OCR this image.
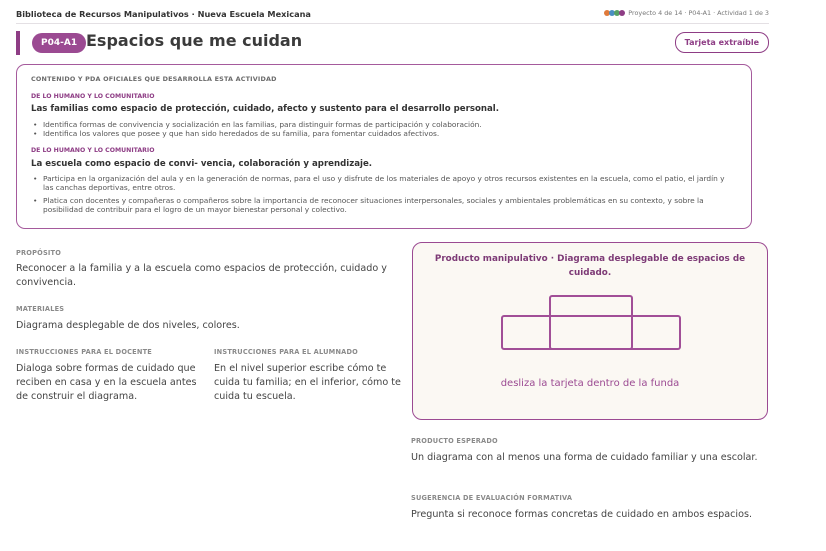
Biblioteca de Recursos Manipulativos · Nueva Escuela Mexicana	Proyecto 4 de 14 · P04-A1 · Actividad 1 de 3
P04-A1 Espacios que me cuidan	Tarjeta extraíble
CONTENIDO Y PDA OFICIALES QUE DESARROLLA ESTA ACTIVIDAD
DE LO HUMANO Y LO COMUNITARIO
Las familias como espacio de protección, cuidado, afecto y sustento para el desarrollo personal.
• Identifica formas de convivencia y socialización en las familias, para distinguir formas de participación y colaboración.
• Identifica los valores que posee y que han sido heredados de su familia, para fomentar cuidados afectivos.
DE LO HUMANO Y LO COMUNITARIO
La escuela como espacio de convi- vencia, colaboración y aprendizaje.
• Participa en la organización del aula y en la generación de normas, para el uso y disfrute de los materiales de apoyo y otros recursos existentes en la escuela, como el patio, el jardín y las canchas deportivas, entre otros.
• Platica con docentes y compañeras o compañeros sobre la importancia de reconocer situaciones interpersonales, sociales y ambientales problemáticas en su contexto, y sobre la posibilidad de contribuir para el logro de un mayor bienestar personal y colectivo.
PROPÓSITO
Reconocer a la familia y a la escuela como espacios de protección, cuidado y convivencia.
MATERIALES
Diagrama desplegable de dos niveles, colores.
INSTRUCCIONES PARA EL DOCENTE
Dialoga sobre formas de cuidado que reciben en casa y en la escuela antes de construir el diagrama.
INSTRUCCIONES PARA EL ALUMNADO
En el nivel superior escribe cómo te cuida tu familia; en el inferior, cómo te cuida tu escuela.
Producto manipulativo · Diagrama desplegable de espacios de cuidado.
desliza la tarjeta dentro de la funda
PRODUCTO ESPERADO
Un diagrama con al menos una forma de cuidado familiar y una escolar.
SUGERENCIA DE EVALUACIÓN FORMATIVA
Pregunta si reconoce formas concretas de cuidado en ambos espacios.
